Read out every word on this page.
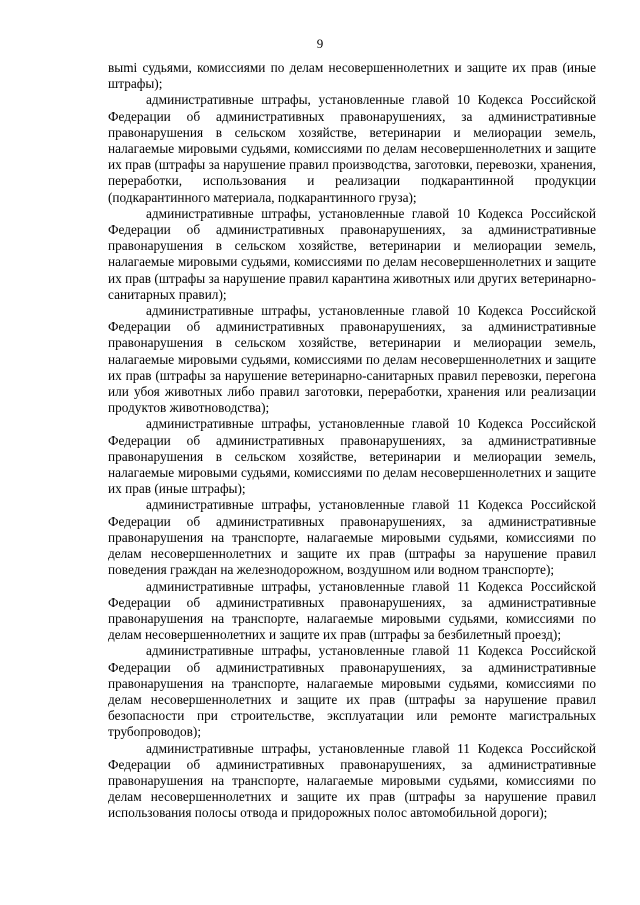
9

выmi судьями, комиссиями по делам несовершеннолетних и защите их прав (иные штрафы);

административные штрафы, установленные главой 10 Кодекса Российской Федерации об административных правонарушениях, за административные правонарушения в сельском хозяйстве, ветеринарии и мелиорации земель, налагаемые мировыми судьями, комиссиями по делам несовершеннолетних и защите их прав (штрафы за нарушение правил производства, заготовки, перевозки, хранения, переработки, использования и реализации подкарантинной продукции (подкарантинного материала, подкарантинного груза);

административные штрафы, установленные главой 10 Кодекса Российской Федерации об административных правонарушениях, за административные правонарушения в сельском хозяйстве, ветеринарии и мелиорации земель, налагаемые мировыми судьями, комиссиями по делам несовершеннолетних и защите их прав (штрафы за нарушение правил карантина животных или других ветеринарно-санитарных правил);

административные штрафы, установленные главой 10 Кодекса Российской Федерации об административных правонарушениях, за административные правонарушения в сельском хозяйстве, ветеринарии и мелиорации земель, налагаемые мировыми судьями, комиссиями по делам несовершеннолетних и защите их прав (штрафы за нарушение ветеринарно-санитарных правил перевозки, перегона или убоя животных либо правил заготовки, переработки, хранения или реализации продуктов животноводства);

административные штрафы, установленные главой 10 Кодекса Российской Федерации об административных правонарушениях, за административные правонарушения в сельском хозяйстве, ветеринарии и мелиорации земель, налагаемые мировыми судьями, комиссиями по делам несовершеннолетних и защите их прав (иные штрафы);

административные штрафы, установленные главой 11 Кодекса Российской Федерации об административных правонарушениях, за административные правонарушения на транспорте, налагаемые мировыми судьями, комиссиями по делам несовершеннолетних и защите их прав (штрафы за нарушение правил поведения граждан на железнодорожном, воздушном или водном транспорте);

административные штрафы, установленные главой 11 Кодекса Российской Федерации об административных правонарушениях, за административные правонарушения на транспорте, налагаемые мировыми судьями, комиссиями по делам несовершеннолетних и защите их прав (штрафы за безбилетный проезд);

административные штрафы, установленные главой 11 Кодекса Российской Федерации об административных правонарушениях, за административные правонарушения на транспорте, налагаемые мировыми судьями, комиссиями по делам несовершеннолетних и защите их прав (штрафы за нарушение правил безопасности при строительстве, эксплуатации или ремонте магистральных трубопроводов);

административные штрафы, установленные главой 11 Кодекса Российской Федерации об административных правонарушениях, за административные правонарушения на транспорте, налагаемые мировыми судьями, комиссиями по делам несовершеннолетних и защите их прав (штрафы за нарушение правил использования полосы отвода и придорожных полос автомобильной дороги);
